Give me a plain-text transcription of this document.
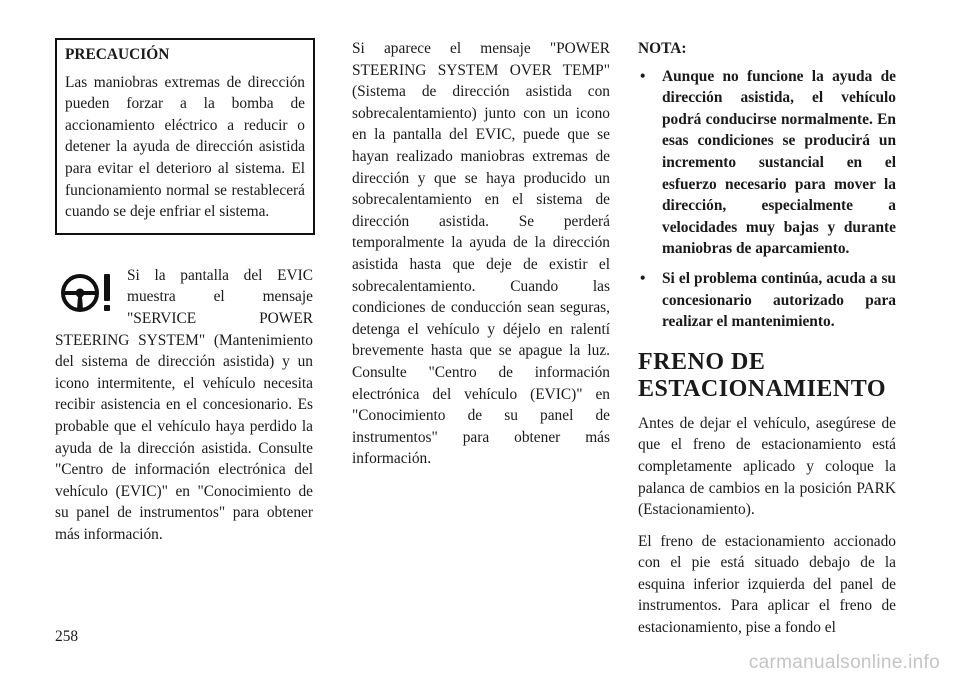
PRECAUCIÓN

Las maniobras extremas de dirección pueden forzar a la bomba de accionamiento eléctrico a reducir o detener la ayuda de dirección asistida para evitar el deterioro al sistema. El funcionamiento normal se restablecerá cuando se deje enfriar el sistema.

Si la pantalla del EVIC muestra el mensaje "SERVICE POWER STEERING SYSTEM" (Mantenimiento del sistema de dirección asistida) y un icono intermitente, el vehículo necesita recibir asistencia en el concesionario. Es probable que el vehículo haya perdido la ayuda de la dirección asistida. Consulte "Centro de información electrónica del vehículo (EVIC)" en "Conocimiento de su panel de instrumentos" para obtener más información.

Si aparece el mensaje "POWER STEERING SYSTEM OVER TEMP" (Sistema de dirección asistida con sobrecalentamiento) junto con un icono en la pantalla del EVIC, puede que se hayan realizado maniobras extremas de dirección y que se haya producido un sobrecalentamiento en el sistema de dirección asistida. Se perderá temporalmente la ayuda de la dirección asistida hasta que deje de existir el sobrecalentamiento. Cuando las condiciones de conducción sean seguras, detenga el vehículo y déjelo en ralentí brevemente hasta que se apague la luz. Consulte "Centro de información electrónica del vehículo (EVIC)" en "Conocimiento de su panel de instrumentos" para obtener más información.

NOTA:

• Aunque no funcione la ayuda de dirección asistida, el vehículo podrá conducirse normalmente. En esas condiciones se producirá un incremento sustancial en el esfuerzo necesario para mover la dirección, especialmente a velocidades muy bajas y durante maniobras de aparcamiento.
• Si el problema continúa, acuda a su concesionario autorizado para realizar el mantenimiento.
FRENO DE ESTACIONAMIENTO

Antes de dejar el vehículo, asegúrese de que el freno de estacionamiento está completamente aplicado y coloque la palanca de cambios en la posición PARK (Estacionamiento).

El freno de estacionamiento accionado con el pie está situado debajo de la esquina inferior izquierda del panel de instrumentos. Para aplicar el freno de estacionamiento, pise a fondo el

258
carmanualsonline.info
